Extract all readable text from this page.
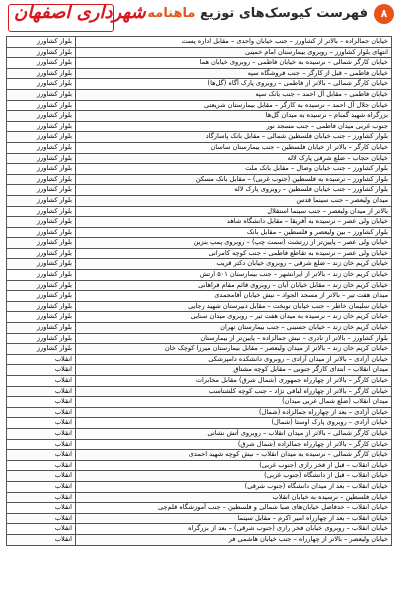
۸
فهرست کیوسک‌های توزیع ماهنامه
شهرداری اصفهان
خیابان جمالزاده – بالاتر از کشاورز – جنب خیابان واحدی – مقابل اداره پست	بلوار کشاورز
انتهای بلوار کشاورز – روبروی بیمارستان امام خمینی	بلوار کشاورز
خیابان کارگر شمالی – نرسیده به خیابان فاطمی – روبروی خیابان هما	بلوار کشاورز
خیابان فاطمی – قبل از کارگر – جنب فروشگاه سپه	بلوار کشاورز
خیابان کارگر شمالی – بالاتر از فاطمی – روبروی پارک آگاه (گل‌ها)	بلوار کشاورز
خیابان فاطمی – مقابل آل احمد – جنب بانک سپه	بلوار کشاورز
خیابان جلال آل احمد – نرسیده به کارگر – مقابل بیمارستان شریعتی	بلوار کشاورز
بزرگراه شهید گمنام – نرسیده به میدان گل‌ها	بلوار کشاورز
جنوب غربی میدان فاطمی – جنب مسجد نور	بلوار کشاورز
بلوار کشاورز – جنب خیابان فلسطین شمالی – مقابل بانک پاسارگاد	بلوار کشاورز
خیابان کارگر – بالاتر از خیابان فلسطین – جنب بیمارستان ساسان	بلوار کشاورز
خیابان حجاب – ضلع شرقی پارک لاله	بلوار کشاورز
بلوار کشاورز – جنب خیابان وصال – مقابل بانک ملت	بلوار کشاورز
بلوار کشاورز – نرسیده به فلسطین (جنوب غربی) – مقابل بانک مسکن	بلوار کشاورز
بلوار کشاورز – جنب خیابان فلسطین – روبروی پارک لاله	بلوار کشاورز
میدان ولیعصر – جنب سینما قدس	بلوار کشاورز
بالاتر از میدان ولیعصر – جنب سینما استقلال	بلوار کشاورز
خیابان ولی عصر – نرسیده به آفریقا – مقابل دانشگاه شاهد	بلوار کشاورز
بلوار کشاورز – بین ولیعصر و فلسطین – مقابل بانک	بلوار کشاورز
خیابان ولی عصر – پایین‌تر از زرتشت (سمت چپ) – روبروی پمپ بنزین	بلوار کشاورز
خیابان ولی عصر – نرسیده به تقاطع فاطمی – جنب کوچه کامرانی	بلوار کشاورز
خیابان کریم خان زند – ضلع شرقی – روبروی خیابان دکتر قریب	بلوار کشاورز
خیابان کریم خان زند – بالاتر از ایرانشهر – جنب بیمارستان ۵۰۱ ارتش	بلوار کشاورز
خیابان کریم خان زند – مقابل خیابان آبان – روبروی قائم مقام فراهانی	بلوار کشاورز
میدان هفت تیر – بالاتر از مسجد الجواد – نبش خیابان آقامحمدی	بلوار کشاورز
خیابان سلیمان خاطر – جنب خیابان نوبخت – مقابل دبیرستان شهید رجایی	بلوار کشاورز
خیابان کریم خان زند – نرسیده به میدان هفت تیر – روبروی میدان سنایی	بلوار کشاورز
خیابان کریم خان زند – خیابان حسینی – جنب بیمارستان تهران	بلوار کشاورز
بلوار کشاورز – بالاتر از نادری – نبش جمالزاده – پایین‌تر از بیمارستان	بلوار کشاورز
خیابان کریم خان زند – بالاتر از میدان ولیعصر – مقابل بیمارستان میرزا کوچک خان	بلوار کشاورز
خیابان آزادی – بالاتر از میدان آزادی – روبروی دانشکده دامپزشکی	انقلاب
میدان انقلاب – ابتدای کارگر جنوبی – مقابل کوچه مشتاق	انقلاب
خیابان کارگر – بالاتر از چهارراه جمهوری (شمال شرق) مقابل مخابرات	انقلاب
خیابان کارگر – بالاتر از چهارراه لبافی نژاد – جنب کوچه کلشتاسب	انقلاب
میدان انقلاب (ضلع شمال غربی میدان)	انقلاب
خیابان آزادی – بعد از چهارراه جمالزاده (شمال)	انقلاب
خیابان آزادی – روبروی پارک اوستا (شمال)	انقلاب
خیابان کارگر شمالی – بالاتر از میدان انقلاب – روبروی آتش نشانی	انقلاب
خیابان کارگر – بالاتر از چهارراه جمالزاده (شمال شرق)	انقلاب
خیابان کارگر شمالی – نرسیده به میدان انقلاب – نبش کوچه شهید احمدی	انقلاب
خیابان انقلاب – قبل از فخر رازی (جنوب غربی)	انقلاب
خیابان انقلاب – قبل از دانشگاه (جنوب غربی)	انقلاب
خیابان انقلاب – بعد از میدان دانشگاه (جنوب شرقی)	انقلاب
خیابان فلسطین – نرسیده به خیابان انقلاب	انقلاب
خیابان انقلاب – حدفاصل خیابان‌های صبا شمالی و فلسطین – جنب آموزشگاه قلم‌چی	انقلاب
خیابان انقلاب – بعد از چهارراه امیر اکرم – مقابل سینما	انقلاب
خیابان انقلاب – روبروی خیابان فخر رازی (جنوب شرقی) – بعد از بزرگراه	انقلاب
خیابان ولیعصر – بالاتر از چهارراه – جنب خیابان هاشمی فر	انقلاب
